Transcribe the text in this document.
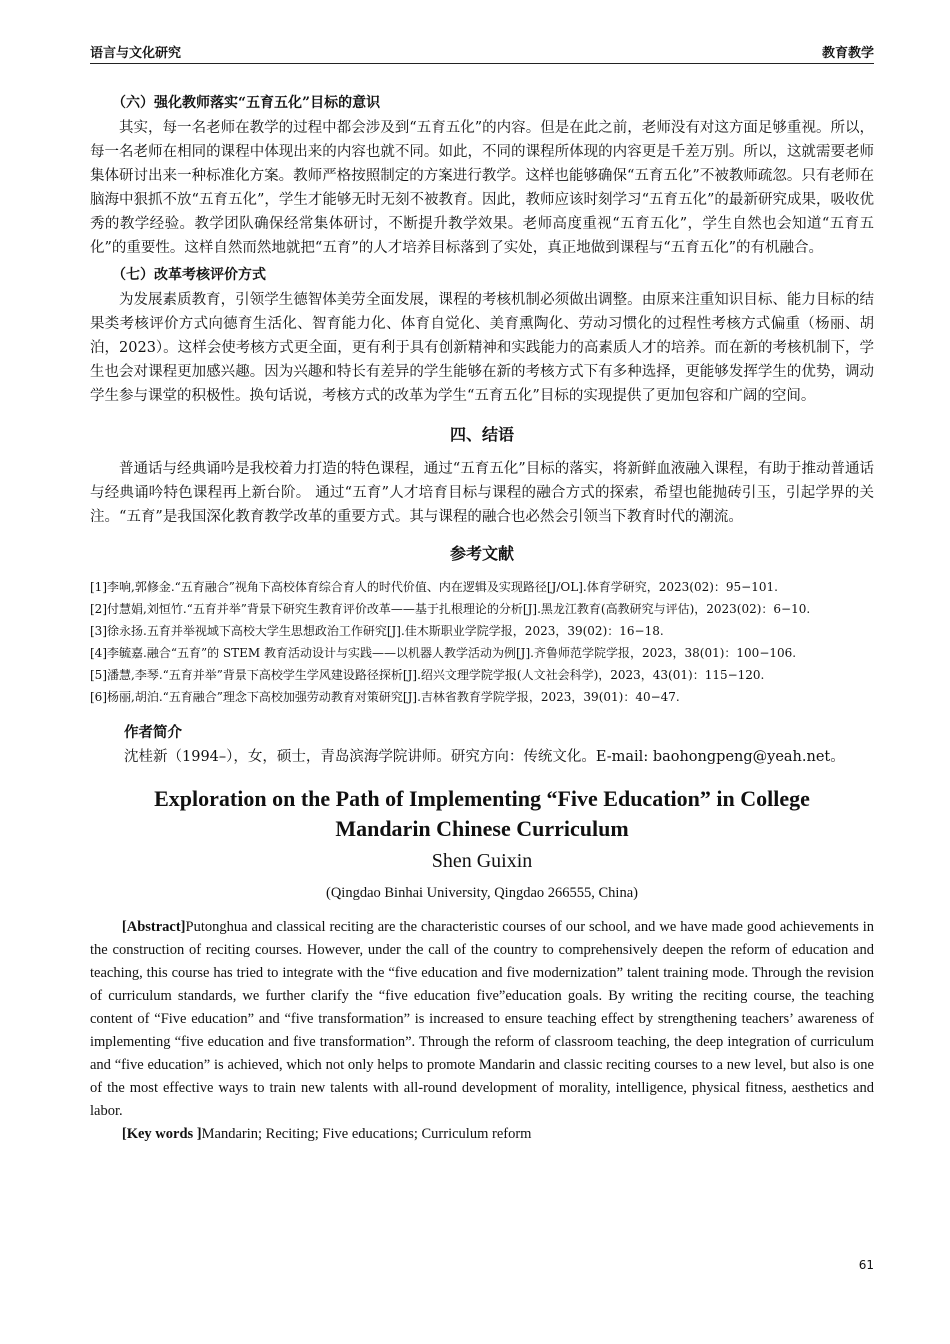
语言与文化研究	教育教学
（六）强化教师落实“五育五化”目标的意识

其实，每一名老师在教学的过程中都会涉及到“五育五化”的内容。但是在此之前，老师没有对这方面足够重视。所以，每一名老师在相同的课程中体现出来的内容也就不同。如此，不同的课程所体现的内容更是千差万别。所以，这就需要老师集体研讨出来一种标准化方案。教师严格按照制定的方案进行教学。这样也能够确保“五育五化”不被教师疏忽。只有老师在脑海中狠抓不放“五育五化”，学生才能够无时无刻不被教育。因此，教师应该时刻学习“五育五化”的最新研究成果，吸收优秀的教学经验。教学团队确保经常集体研讨，不断提升教学效果。老师高度重视“五育五化”，学生自然也会知道“五育五化”的重要性。这样自然而然地就把“五育”的人才培养目标落到了实处，真正地做到课程与“五育五化”的有机融合。

（七）改革考核评价方式

为发展素质教育，引领学生德智体美劳全面发展，课程的考核机制必须做出调整。由原来注重知识目标、能力目标的结果类考核评价方式向德育生活化、智育能力化、体育自觉化、美育熏陶化、劳动习惯化的过程性考核方式偏重（杨丽、胡泊，2023）。这样会使考核方式更全面，更有利于具有创新精神和实践能力的高素质人才的培养。而在新的考核机制下，学生也会对课程更加感兴趣。因为兴趣和特长有差异的学生能够在新的考核方式下有多种选择，更能够发挥学生的优势，调动学生参与课堂的积极性。换句话说，考核方式的改革为学生“五育五化”目标的实现提供了更加包容和广阔的空间。

四、结语

普通话与经典诵吟是我校着力打造的特色课程，通过“五育五化”目标的落实，将新鲜血液融入课程，有助于推动普通话与经典诵吟特色课程再上新台阶。 通过“五育”人才培育目标与课程的融合方式的探索，希望也能抛砖引玉，引起学界的关注。“五育”是我国深化教育教学改革的重要方式。其与课程的融合也必然会引领当下教育时代的潮流。

参考文献

[1]李响,郭修金.“五育融合”视角下高校体育综合育人的时代价值、内在逻辑及实现路径[J/OL].体育学研究，2023(02)：95−101.

[2]付慧娟,刘恒竹.“五育并举”背景下研究生教育评价改革——基于扎根理论的分析[J].黑龙江教育(高教研究与评估)，2023(02)：6−10.

[3]徐永扬.五育并举视域下高校大学生思想政治工作研究[J].佳木斯职业学院学报，2023，39(02)：16−18.

[4]李毓嘉.融合“五育”的 STEM 教育活动设计与实践——以机器人教学活动为例[J].齐鲁师范学院学报，2023，38(01)：100−106.

[5]潘慧,李琴.“五育并举”背景下高校学生学风建设路径探析[J].绍兴文理学院学报(人文社会科学)，2023，43(01)：115−120.

[6]杨丽,胡泊.“五育融合”理念下高校加强劳动教育对策研究[J].吉林省教育学院学报，2023，39(01)：40−47.

作者简介
沈桂新（1994–），女，硕士，青岛滨海学院讲师。研究方向：传统文化。E-mail: baohongpeng@yeah.net。
Exploration on the Path of Implementing “Five Education” in College
Mandarin Chinese Curriculum
Shen Guixin
(Qingdao Binhai University, Qingdao 266555, China)

[Abstract]Putonghua and classical reciting are the characteristic courses of our school, and we have made good achievements in the construction of reciting courses. However, under the call of the country to comprehensively deepen the reform of education and teaching, this course has tried to integrate with the “five education and five modernization” talent training mode. Through the revision of curriculum standards, we further clarify the “five education five”education goals. By writing the reciting course, the teaching content of “Five education” and “five transformation” is increased to ensure teaching effect by strengthening teachers’ awareness of implementing “five education and five transformation”. Through the reform of classroom teaching, the deep integration of curriculum and “five education” is achieved, which not only helps to promote Mandarin and classic reciting courses to a new level, but also is one of the most effective ways to train new talents with all-round development of morality, intelligence, physical fitness, aesthetics and labor.

[Key words ]Mandarin; Reciting; Five educations; Curriculum reform

61
